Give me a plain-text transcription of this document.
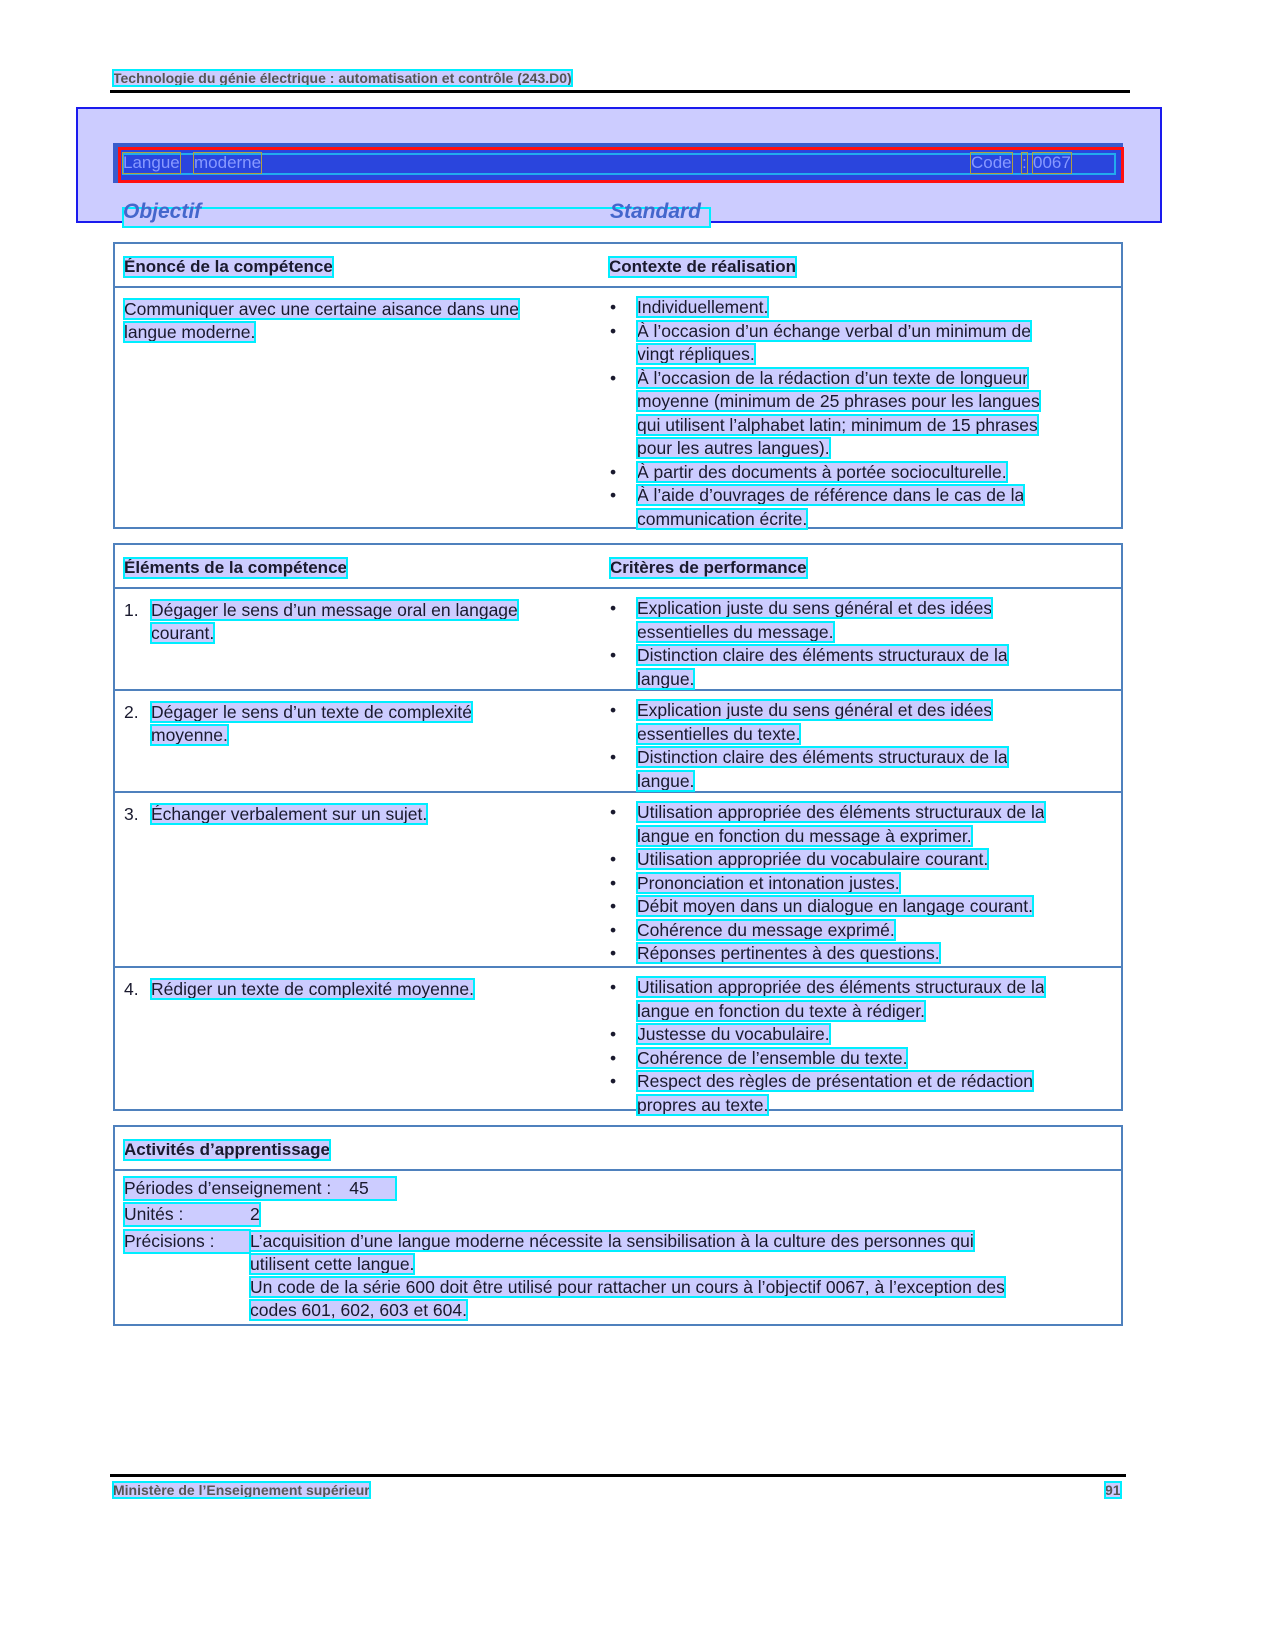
Technologie du génie électrique : automatisation et contrôle (243.D0)
Langue moderne	Code : 0067
Objectif	Standard
Énoncé de la compétence	Contexte de réalisation
Communiquer avec une certaine aisance dans une
langue moderne.
• Individuellement.
• À l’occasion d’un échange verbal d’un minimum de
vingt répliques.
• À l’occasion de la rédaction d’un texte de longueur
moyenne (minimum de 25 phrases pour les langues
qui utilisent l’alphabet latin; minimum de 15 phrases
pour les autres langues).
• À partir des documents à portée socioculturelle.
• À l’aide d’ouvrages de référence dans le cas de la
communication écrite.
Éléments de la compétence	Critères de performance
1. Dégager le sens d’un message oral en langage
courant.
• Explication juste du sens général et des idées
essentielles du message.
• Distinction claire des éléments structuraux de la
langue.
2. Dégager le sens d’un texte de complexité
moyenne.
• Explication juste du sens général et des idées
essentielles du texte.
• Distinction claire des éléments structuraux de la
langue.
3. Échanger verbalement sur un sujet.	• Utilisation appropriée des éléments structuraux de la
langue en fonction du message à exprimer.
• Utilisation appropriée du vocabulaire courant.
• Prononciation et intonation justes.
• Débit moyen dans un dialogue en langage courant.
• Cohérence du message exprimé.
• Réponses pertinentes à des questions.
4. Rédiger un texte de complexité moyenne.	• Utilisation appropriée des éléments structuraux de la
langue en fonction du texte à rédiger.
• Justesse du vocabulaire.
• Cohérence de l’ensemble du texte.
• Respect des règles de présentation et de rédaction
propres au texte.
Activités d’apprentissage
Périodes d’enseignement : 45
Unités :	2
Précisions :	L’acquisition d’une langue moderne nécessite la sensibilisation à la culture des personnes qui
utilisent cette langue.
Un code de la série 600 doit être utilisé pour rattacher un cours à l’objectif 0067, à l’exception des
codes 601, 602, 603 et 604.
Ministère de l’Enseignement supérieur	91
